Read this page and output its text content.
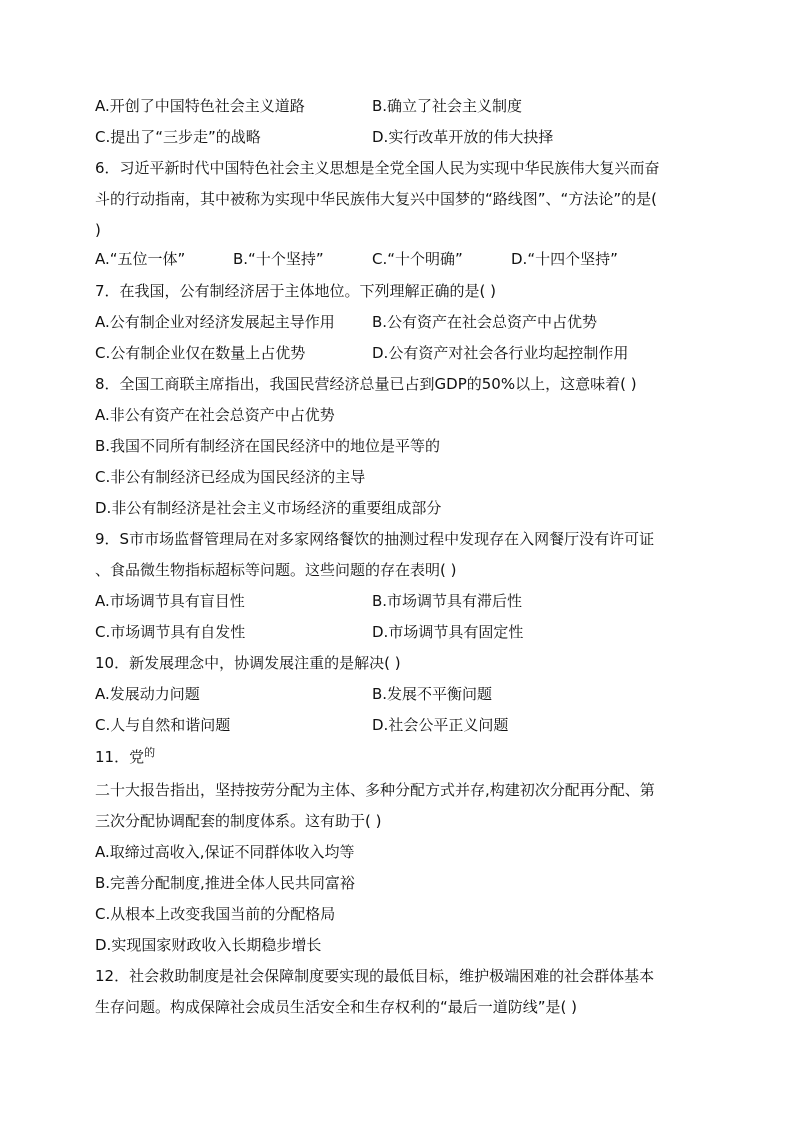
A.开创了中国特色社会主义道路	B.确立了社会主义制度
C.提出了“三步走”的战略	D.实行改革开放的伟大抉择
6．习近平新时代中国特色社会主义思想是全党全国人民为实现中华民族伟大复兴而奋
斗的行动指南，其中被称为实现中华民族伟大复兴中国梦的“路线图”、“方法论”的是(
)
A.“五位一体”	B.“十个坚持”	C.“十个明确”	D.“十四个坚持”
7．在我国，公有制经济居于主体地位。下列理解正确的是( )
A.公有制企业对经济发展起主导作用 B.公有资产在社会总资产中占优势
C.公有制企业仅在数量上占优势	D.公有资产对社会各行业均起控制作用
8．全国工商联主席指出，我国民营经济总量已占到GDP的50%以上，这意味着( )
A.非公有资产在社会总资产中占优势
B.我国不同所有制经济在国民经济中的地位是平等的
C.非公有制经济已经成为国民经济的主导
D.非公有制经济是社会主义市场经济的重要组成部分
9．S市市场监督管理局在对多家网络餐饮的抽测过程中发现存在入网餐厅没有许可证
、食品微生物指标超标等问题。这些问题的存在表明( )
A.市场调节具有盲目性	B.市场调节具有滞后性
C.市场调节具有自发性	D.市场调节具有固定性
10．新发展理念中，协调发展注重的是解决( )
A.发展动力问题	B.发展不平衡问题
C.人与自然和谐问题	D.社会公平正义问题
11．党$^的$
二十大报告指出，坚持按劳分配为主体、多种分配方式并存,构建初次分配再分配、第
三次分配协调配套的制度体系。这有助于( )
A.取缔过高收入,保证不同群体收入均等
B.完善分配制度,推进全体人民共同富裕
C.从根本上改变我国当前的分配格局
D.实现国家财政收入长期稳步增长
12．社会救助制度是社会保障制度要实现的最低目标，维护极端困难的社会群体基本
生存问题。构成保障社会成员生活安全和生存权利的“最后一道防线”是( )
